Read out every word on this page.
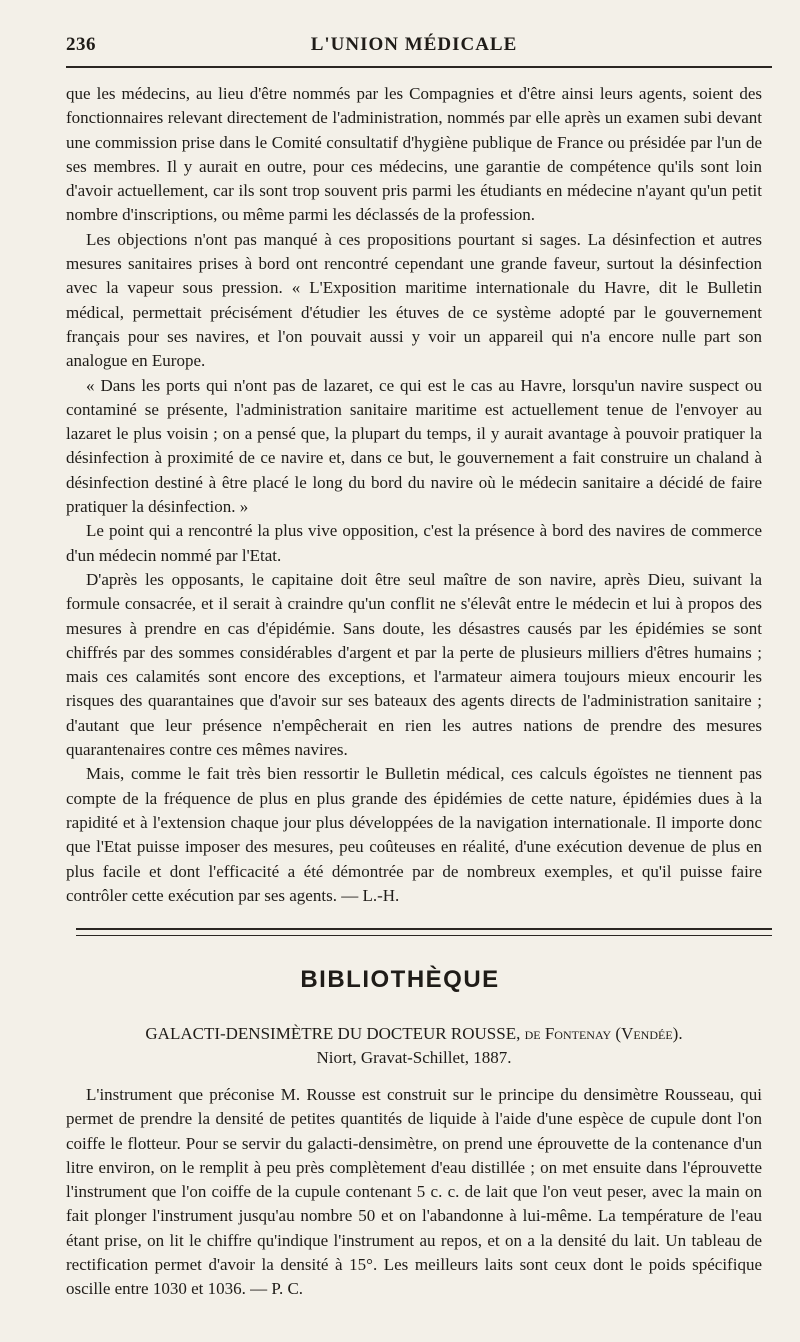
236	L'UNION MÉDICALE

que les médecins, au lieu d'être nommés par les Compagnies et d'être ainsi leurs agents, soient des fonctionnaires relevant directement de l'administration, nommés par elle après un examen subi devant une commission prise dans le Comité consultatif d'hygiène publique de France ou présidée par l'un de ses membres. Il y aurait en outre, pour ces médecins, une garantie de compétence qu'ils sont loin d'avoir actuellement, car ils sont trop souvent pris parmi les étudiants en médecine n'ayant qu'un petit nombre d'inscriptions, ou même parmi les déclassés de la profession.

Les objections n'ont pas manqué à ces propositions pourtant si sages. La désinfection et autres mesures sanitaires prises à bord ont rencontré cependant une grande faveur, surtout la désinfection avec la vapeur sous pression. « L'Exposition maritime internationale du Havre, dit le Bulletin médical, permettait précisément d'étudier les étuves de ce système adopté par le gouvernement français pour ses navires, et l'on pouvait aussi y voir un appareil qui n'a encore nulle part son analogue en Europe.

« Dans les ports qui n'ont pas de lazaret, ce qui est le cas au Havre, lorsqu'un navire suspect ou contaminé se présente, l'administration sanitaire maritime est actuellement tenue de l'envoyer au lazaret le plus voisin ; on a pensé que, la plupart du temps, il y aurait avantage à pouvoir pratiquer la désinfection à proximité de ce navire et, dans ce but, le gouvernement a fait construire un chaland à désinfection destiné à être placé le long du bord du navire où le médecin sanitaire a décidé de faire pratiquer la désinfection. »

Le point qui a rencontré la plus vive opposition, c'est la présence à bord des navires de commerce d'un médecin nommé par l'Etat.

D'après les opposants, le capitaine doit être seul maître de son navire, après Dieu, suivant la formule consacrée, et il serait à craindre qu'un conflit ne s'élevât entre le médecin et lui à propos des mesures à prendre en cas d'épidémie. Sans doute, les désastres causés par les épidémies se sont chiffrés par des sommes considérables d'argent et par la perte de plusieurs milliers d'êtres humains ; mais ces calamités sont encore des exceptions, et l'armateur aimera toujours mieux encourir les risques des quarantaines que d'avoir sur ses bateaux des agents directs de l'administration sanitaire ; d'autant que leur présence n'empêcherait en rien les autres nations de prendre des mesures quarantenaires contre ces mêmes navires.

Mais, comme le fait très bien ressortir le Bulletin médical, ces calculs égoïstes ne tiennent pas compte de la fréquence de plus en plus grande des épidémies de cette nature, épidémies dues à la rapidité et à l'extension chaque jour plus développées de la navigation internationale. Il importe donc que l'Etat puisse imposer des mesures, peu coûteuses en réalité, d'une exécution devenue de plus en plus facile et dont l'efficacité a été démontrée par de nombreux exemples, et qu'il puisse faire contrôler cette exécution par ses agents. — L.-H.

BIBLIOTHÈQUE
GALACTI-DENSIMÈTRE DU DOCTEUR ROUSSE, de Fontenay (Vendée).
Niort, Gravat-Schillet, 1887.

L'instrument que préconise M. Rousse est construit sur le principe du densimètre Rousseau, qui permet de prendre la densité de petites quantités de liquide à l'aide d'une espèce de cupule dont l'on coiffe le flotteur. Pour se servir du galacti-densimètre, on prend une éprouvette de la contenance d'un litre environ, on le remplit à peu près complètement d'eau distillée ; on met ensuite dans l'éprouvette l'instrument que l'on coiffe de la cupule contenant 5 c. c. de lait que l'on veut peser, avec la main on fait plonger l'instrument jusqu'au nombre 50 et on l'abandonne à lui-même. La température de l'eau étant prise, on lit le chiffre qu'indique l'instrument au repos, et on a la densité du lait. Un tableau de rectification permet d'avoir la densité à 15°. Les meilleurs laits sont ceux dont le poids spécifique oscille entre 1030 et 1036. — P. C.
